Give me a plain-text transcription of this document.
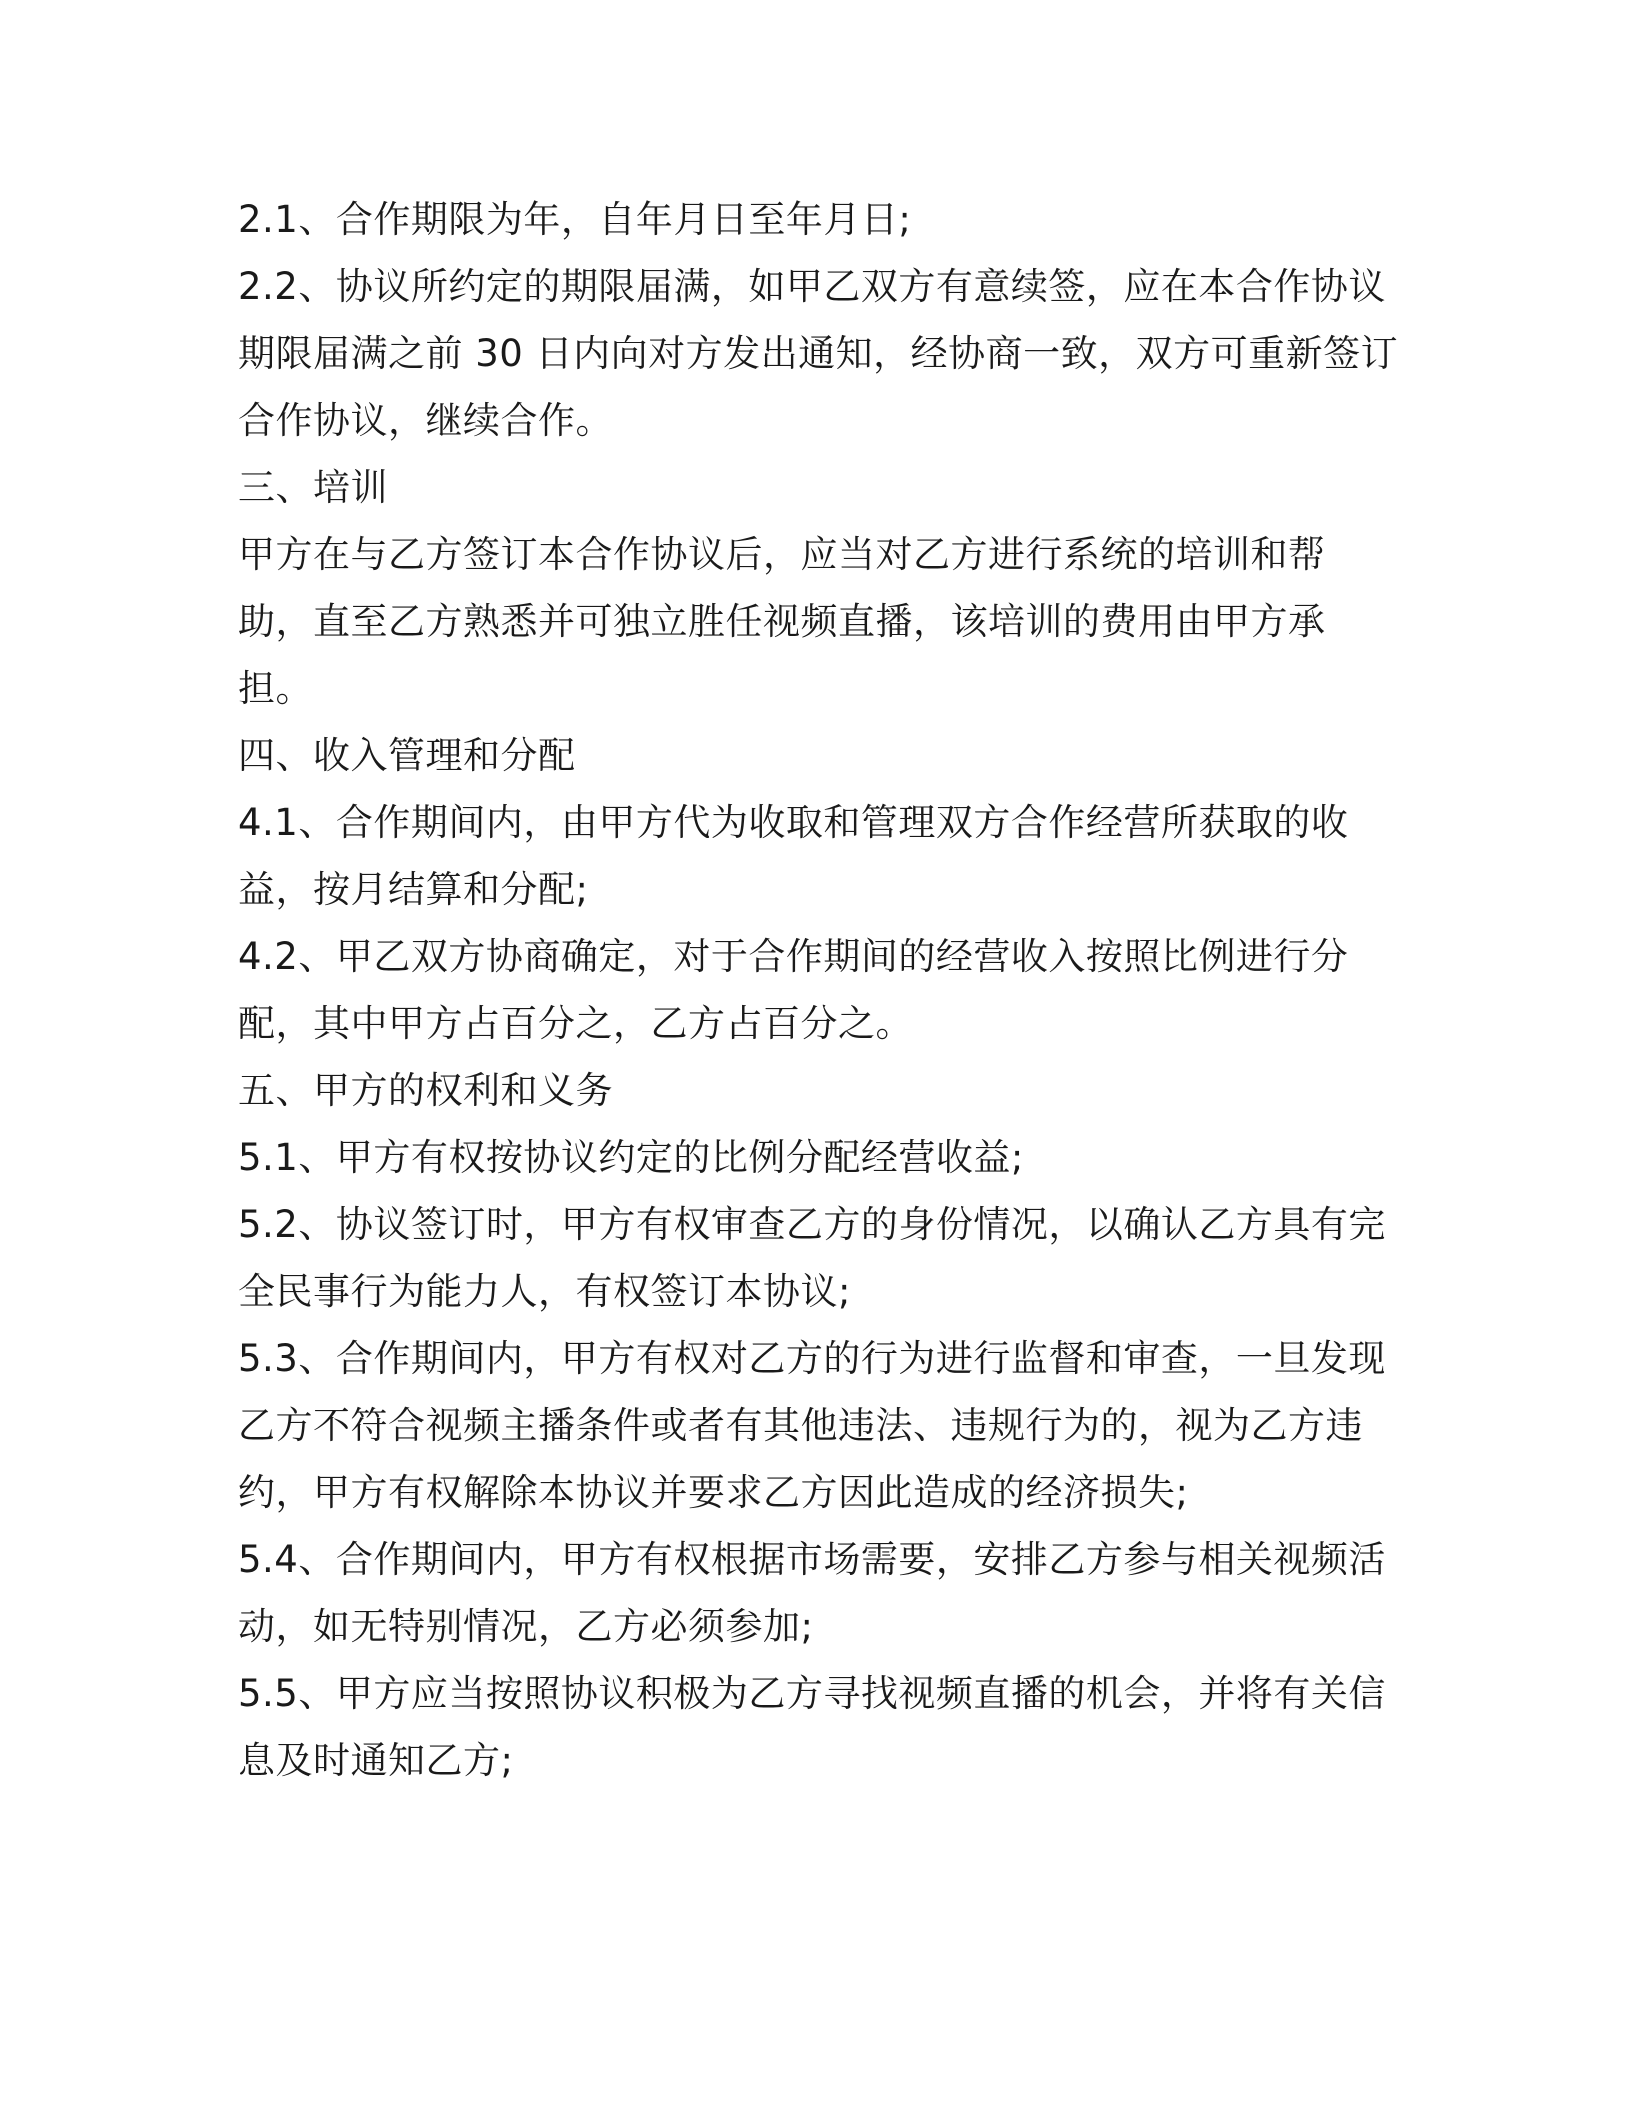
2.1、合作期限为年，自年月日至年月日;
2.2、协议所约定的期限届满，如甲乙双方有意续签，应在本合作协议
期限届满之前 30 日内向对方发出通知，经协商一致，双方可重新签订
合作协议，继续合作。
三、培训
甲方在与乙方签订本合作协议后，应当对乙方进行系统的培训和帮
助，直至乙方熟悉并可独立胜任视频直播，该培训的费用由甲方承
担。
四、收入管理和分配
4.1、合作期间内，由甲方代为收取和管理双方合作经营所获取的收
益，按月结算和分配;
4.2、甲乙双方协商确定，对于合作期间的经营收入按照比例进行分
配，其中甲方占百分之，乙方占百分之。
五、甲方的权利和义务
5.1、甲方有权按协议约定的比例分配经营收益;
5.2、协议签订时，甲方有权审查乙方的身份情况，以确认乙方具有完
全民事行为能力人，有权签订本协议;
5.3、合作期间内，甲方有权对乙方的行为进行监督和审查，一旦发现
乙方不符合视频主播条件或者有其他违法、违规行为的，视为乙方违
约，甲方有权解除本协议并要求乙方因此造成的经济损失;
5.4、合作期间内，甲方有权根据市场需要，安排乙方参与相关视频活
动，如无特别情况，乙方必须参加;
5.5、甲方应当按照协议积极为乙方寻找视频直播的机会，并将有关信
息及时通知乙方;
